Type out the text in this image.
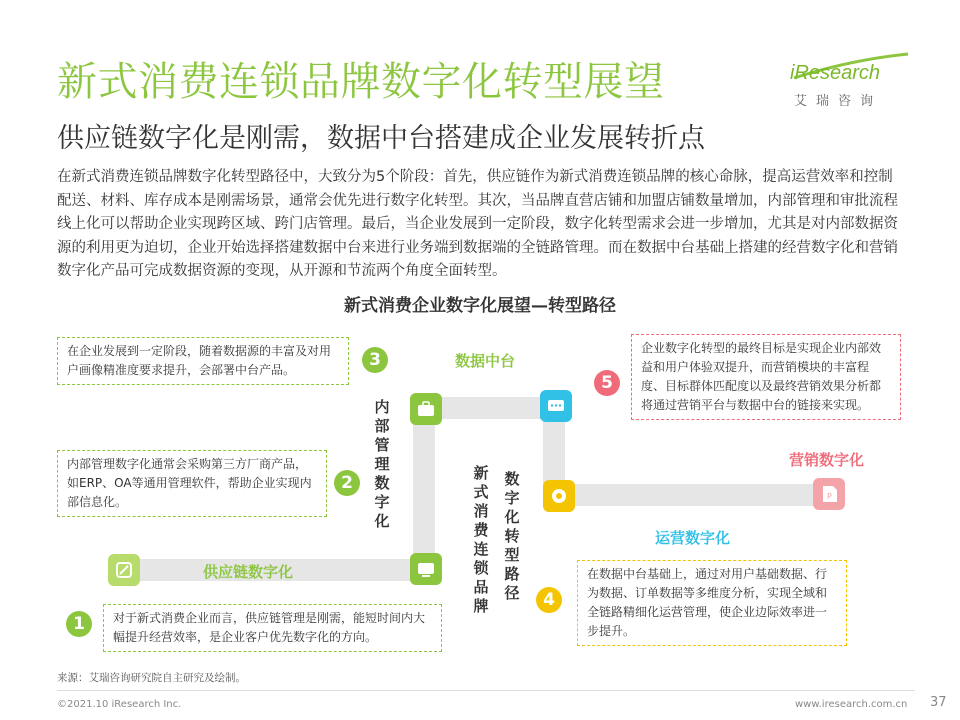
新式消费连锁品牌数字化转型展望
供应链数字化是刚需，数据中台搭建成企业发展转折点
iResearch
艾瑞咨询
在新式消费连锁品牌数字化转型路径中，大致分为5个阶段：首先，供应链作为新式消费连锁品牌的核心命脉，提高运营效率和控制配送、材料、库存成本是刚需场景，通常会优先进行数字化转型。其次，当品牌直营店铺和加盟店铺数量增加，内部管理和审批流程线上化可以帮助企业实现跨区域、跨门店管理。最后，当企业发展到一定阶段，数字化转型需求会进一步增加，尤其是对内部数据资源的利用更为迫切，企业开始选择搭建数据中台来进行业务端到数据端的全链路管理。而在数据中台基础上搭建的经营数字化和营销数字化产品可完成数据资源的变现，从开源和节流两个角度全面转型。
新式消费企业数字化展望—转型路径
P
1
2
3
4
5
供应链数字化
数据中台
运营数字化
营销数字化
内部管理数字化
新式消费连锁品牌
数字化转型路径
在企业发展到一定阶段，随着数据源的丰富及对用户画像精准度要求提升，会部署中台产品。
内部管理数字化通常会采购第三方厂商产品，如ERP、OA等通用管理软件，帮助企业实现内部信息化。
对于新式消费企业而言，供应链管理是刚需，能短时间内大幅提升经营效率，是企业客户优先数字化的方向。
在数据中台基础上，通过对用户基础数据、行为数据、订单数据等多维度分析，实现全域和全链路精细化运营管理，使企业边际效率进一步提升。
企业数字化转型的最终目标是实现企业内部效益和用户体验双提升，而营销模块的丰富程度、目标群体匹配度以及最终营销效果分析都将通过营销平台与数据中台的链接来实现。
来源：艾瑞咨询研究院自主研究及绘制。
©2021.10 iResearch Inc.	www.iresearch.com.cn 37
